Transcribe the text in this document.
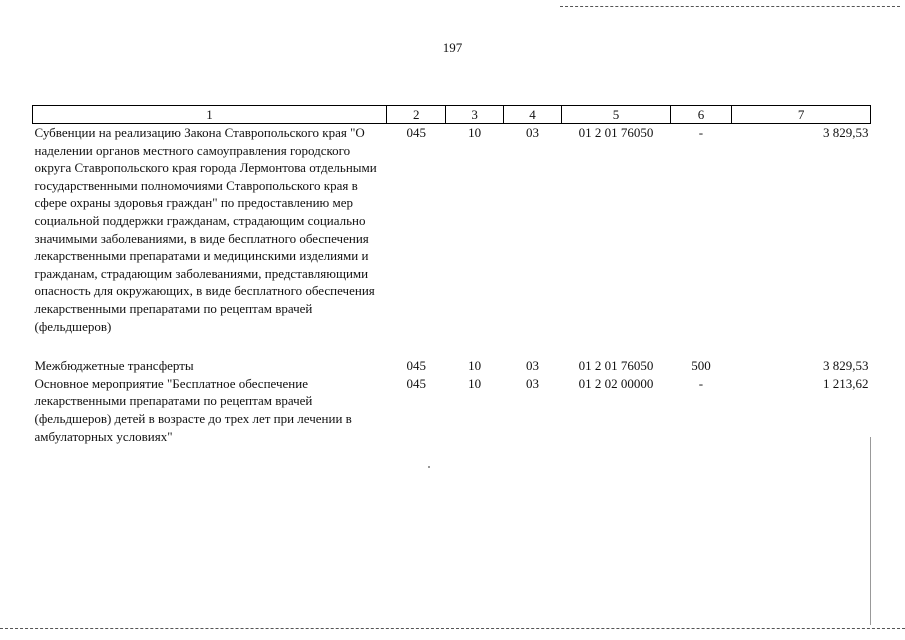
197
1	2	3	4	5	6	7
Субвенции на реализацию Закона Ставропольского края "О наделении органов местного самоуправления городского округа Ставропольского края города Лермонтова отдельными государственными полномочиями Ставропольского края в сфере охраны здоровья граждан" по предоставлению мер социальной поддержки гражданам, страдающим социально значимыми заболеваниями, в виде бесплатного обеспечения лекарственными препаратами и медицинскими изделиями и гражданам, страдающим заболеваниями, представляющими опасность для окружающих, в виде бесплатного обеспечения лекарственными препаратами по рецептам врачей (фельдшеров)	045	10	03	01 2 01 76050	-	3 829,53

Межбюджетные трансферты	045	10	03	01 2 01 76050	500	3 829,53
Основное мероприятие "Бесплатное обеспечение лекарственными препаратами по рецептам врачей (фельдшеров) детей в возрасте до трех лет при лечении в амбулаторных условиях"	045	10	03	01 2 02 00000	-	1 213,62
